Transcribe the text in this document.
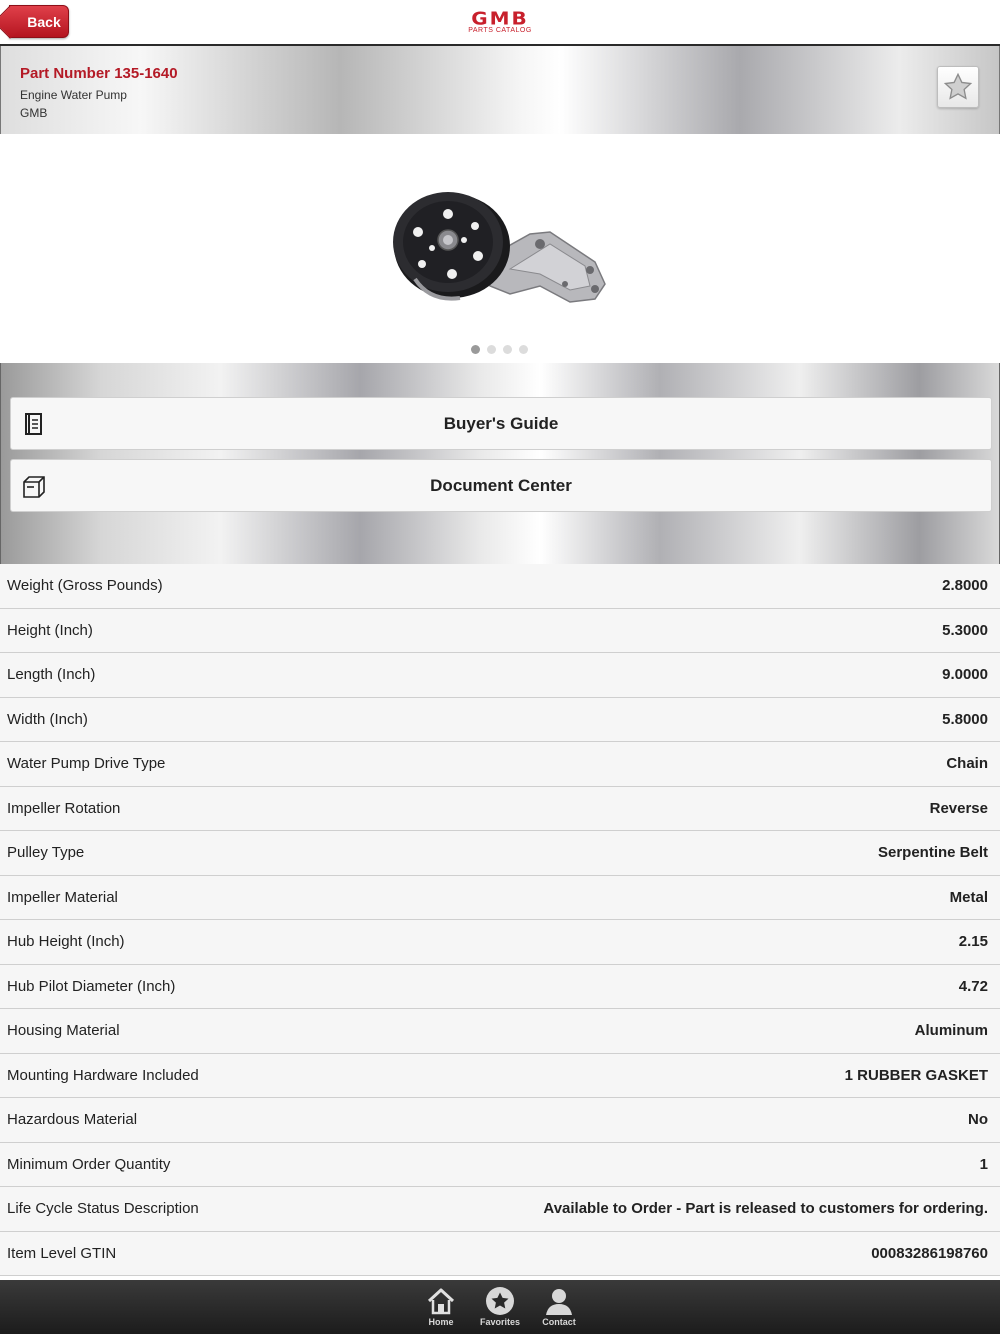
Back	GMB
PARTS CATALOG
Part Number 135-1640
Engine Water Pump
GMB
Buyer's Guide
Document Center
Weight (Gross Pounds)	2.8000
Height (Inch)	5.3000
Length (Inch)	9.0000
Width (Inch)	5.8000
Water Pump Drive Type	Chain
Impeller Rotation	Reverse
Pulley Type	Serpentine Belt
Impeller Material	Metal
Hub Height (Inch)	2.15
Hub Pilot Diameter (Inch)	4.72
Housing Material	Aluminum
Mounting Hardware Included	1 RUBBER GASKET
Hazardous Material	No
Minimum Order Quantity	1
Life Cycle Status Description	Available to Order - Part is released to customers for ordering.
Item Level GTIN	00083286198760
Home	Favorites	Contact
